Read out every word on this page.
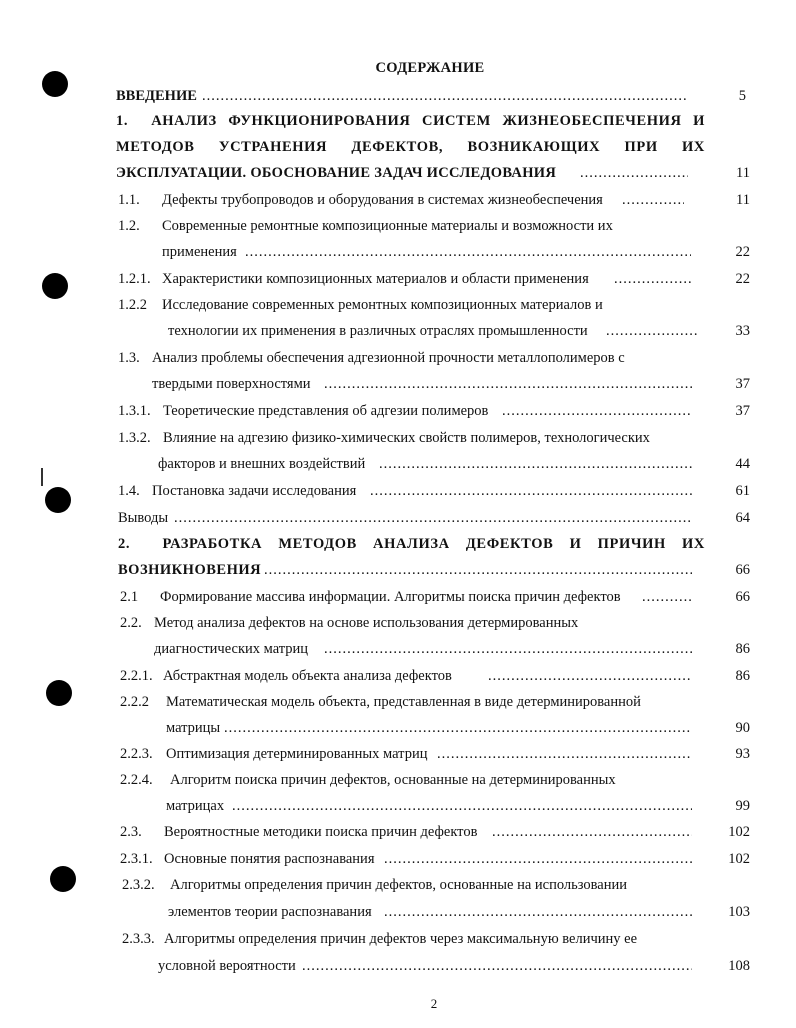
СОДЕРЖАНИЕ
ВВЕДЕНИЕ .....	5
1. АНАЛИЗ ФУНКЦИОНИРОВАНИЯ СИСТЕМ ЖИЗНЕОБЕСПЕЧЕНИЯ И
МЕТОДОВ УСТРАНЕНИЯ ДЕФЕКТОВ, ВОЗНИКАЮЩИХ ПРИ ИХ
ЭКСПЛУАТАЦИИ. ОБОСНОВАНИЕ ЗАДАЧ ИССЛЕДОВАНИЯ .....	11
1.1. Дефекты трубопроводов и оборудования в системах жизнеобеспечения .....	11
1.2. Современные ремонтные композиционные материалы и возможности их
применения .....	22
1.2.1. Характеристики композиционных материалов и области применения .....	22
1.2.2 Исследование современных ремонтных композиционных материалов и
технологии их применения в различных отраслях промышленности .....	33
1.3. Анализ проблемы обеспечения адгезионной прочности металлополимеров с
твердыми поверхностями .....	37
1.3.1. Теоретические представления об адгезии полимеров .....	37
1.3.2. Влияние на адгезию физико-химических свойств полимеров, технологических
факторов и внешних воздействий .....	44
1.4. Постановка задачи исследования .....	61
Выводы .....	64
2. РАЗРАБОТКА МЕТОДОВ АНАЛИЗА ДЕФЕКТОВ И ПРИЧИН ИХ
ВОЗНИКНОВЕНИЯ .....	66
2.1 Формирование массива информации. Алгоритмы поиска причин дефектов .....	66
2.2. Метод анализа дефектов на основе использования детермированных
диагностических матриц .....	86
2.2.1. Абстрактная модель объекта анализа дефектов .....	86
2.2.2 Математическая модель объекта, представленная в виде детерминированной
матрицы .....	90
2.2.3. Оптимизация детерминированных матриц .....	93
2.2.4. Алгоритм поиска причин дефектов, основанные на детерминированных
матрицах .....	99
2.3. Вероятностные методики поиска причин дефектов .....	102
2.3.1. Основные понятия распознавания .....	102
2.3.2. Алгоритмы определения причин дефектов, основанные на использовании
элементов теории распознавания .....	103
2.3.3. Алгоритмы определения причин дефектов через максимальную величину ее
условной вероятности .....	108
2
